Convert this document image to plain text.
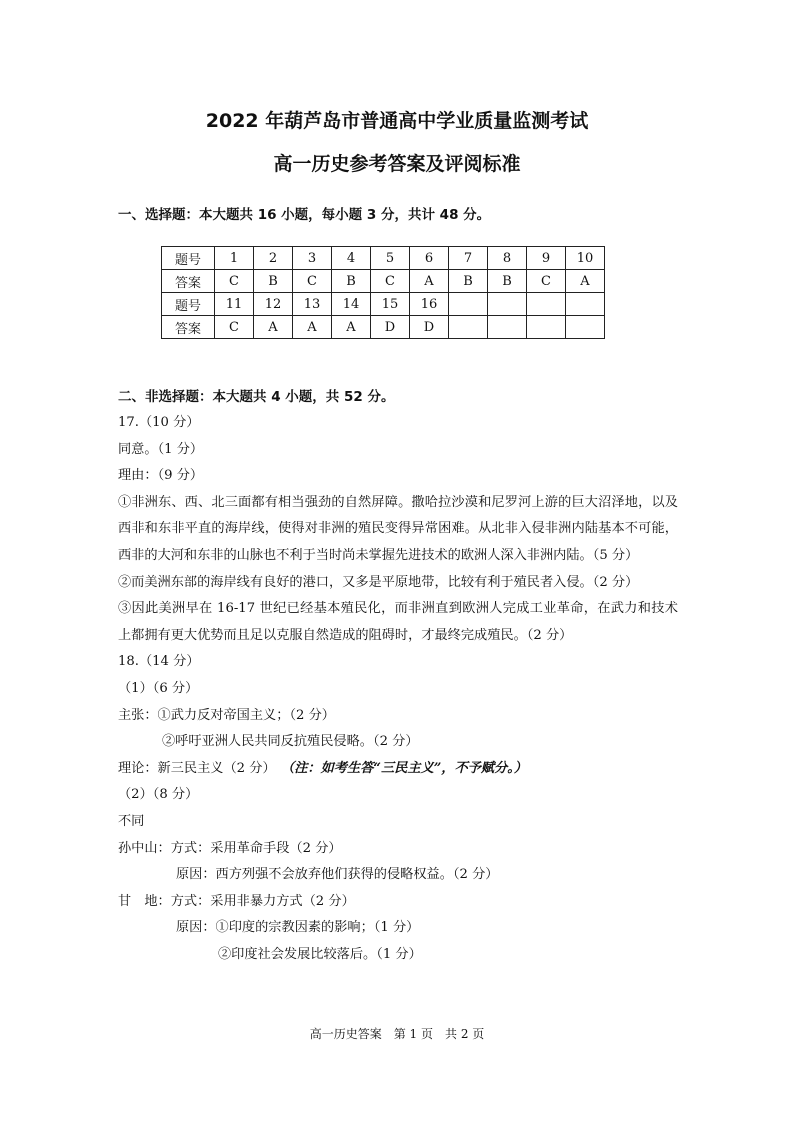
2022 年葫芦岛市普通高中学业质量监测考试
高一历史参考答案及评阅标准
一、选择题：本大题共 16 小题，每小题 3 分，共计 48 分。
题号	1	2	3	4	5	6	7	8	9	10
答案	C	B	C	B	C	A	B	B	C	A
题号	11	12	13	14	15	16				
答案	C	A	A	A	D	D				
二、非选择题：本大题共 4 小题，共 52 分。
17.（10 分）
同意。（1 分）
理由：（9 分）
①非洲东、西、北三面都有相当强劲的自然屏障。撒哈拉沙漠和尼罗河上游的巨大沼泽地，以及西非和东非平直的海岸线，使得对非洲的殖民变得异常困难。从北非入侵非洲内陆基本不可能，西非的大河和东非的山脉也不利于当时尚未掌握先进技术的欧洲人深入非洲内陆。（5 分）
②而美洲东部的海岸线有良好的港口，又多是平原地带，比较有利于殖民者入侵。（2 分）
③因此美洲早在 16-17 世纪已经基本殖民化，而非洲直到欧洲人完成工业革命，在武力和技术上都拥有更大优势而且足以克服自然造成的阻碍时，才最终完成殖民。（2 分）
18.（14 分）
（1）（6 分）
主张：①武力反对帝国主义；（2 分）
②呼吁亚洲人民共同反抗殖民侵略。（2 分）
理论：新三民主义（2 分） （注：如考生答“三民主义”，不予赋分。）
（2）（8 分）
不同
孙中山：方式：采用革命手段（2 分）
原因：西方列强不会放弃他们获得的侵略权益。（2 分）
甘　地：方式：采用非暴力方式（2 分）
原因：①印度的宗教因素的影响；（1 分）
②印度社会发展比较落后。（1 分）
高一历史答案　第 1 页　共 2 页
